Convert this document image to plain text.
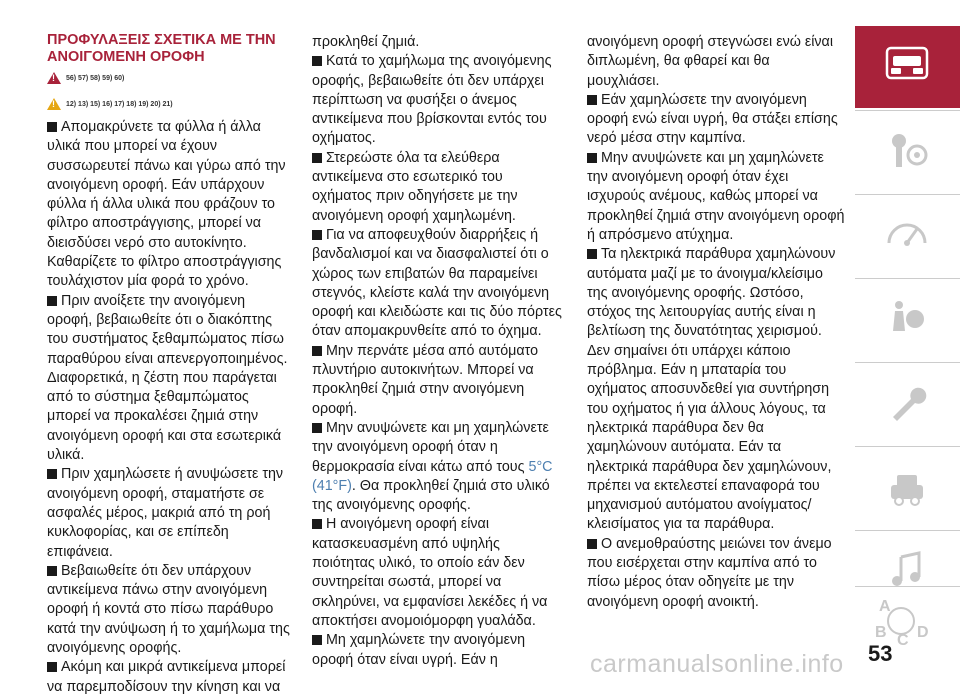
ΠΡΟΦΥΛΑΞΕΙΣ ΣΧΕΤΙΚΑ ΜΕ ΤΗΝ ΑΝΟΙΓΟΜΕΝΗ ΟΡΟΦΗ
!
56) 57) 58) 59) 60)
!
12) 13) 15) 16) 17) 18) 19) 20) 21)

Απομακρύνετε τα φύλλα ή άλλα υλικά που μπορεί να έχουν συσσωρευτεί πάνω και γύρω από την ανοιγόμενη οροφή. Εάν υπάρχουν φύλλα ή άλλα υλικά που φράζουν το φίλτρο αποστράγγισης, μπορεί να διεισδύσει νερό στο αυτοκίνητο. Καθαρίζετε το φίλτρο αποστράγγισης τουλάχιστον μία φορά το χρόνο.

Πριν ανοίξετε την ανοιγόμενη οροφή, βεβαιωθείτε ότι ο διακόπτης του συστήματος ξεθαμπώματος πίσω παραθύρου είναι απενεργοποιημένος. Διαφορετικά, η ζέστη που παράγεται από το σύστημα ξεθαμπώματος μπορεί να προκαλέσει ζημιά στην ανοιγόμενη οροφή και στα εσωτερικά υλικά.

Πριν χαμηλώσετε ή ανυψώσετε την ανοιγόμενη οροφή, σταματήστε σε ασφαλές μέρος, μακριά από τη ροή κυκλοφορίας, και σε επίπεδη επιφάνεια.

Βεβαιωθείτε ότι δεν υπάρχουν αντικείμενα πάνω στην ανοιγόμενη οροφή ή κοντά στο πίσω παράθυρο κατά την ανύψωση ή το χαμήλωμα της ανοιγόμενης οροφής.

Ακόμη και μικρά αντικείμενα μπορεί να παρεμποδίσουν την κίνηση και να

προκληθεί ζημιά.

Κατά το χαμήλωμα της ανοιγόμενης οροφής, βεβαιωθείτε ότι δεν υπάρχει περίπτωση να φυσήξει ο άνεμος αντικείμενα που βρίσκονται εντός του οχήματος.

Στερεώστε όλα τα ελεύθερα αντικείμενα στο εσωτερικό του οχήματος πριν οδηγήσετε με την ανοιγόμενη οροφή χαμηλωμένη.

Για να αποφευχθούν διαρρήξεις ή βανδαλισμοί και να διασφαλιστεί ότι ο χώρος των επιβατών θα παραμείνει στεγνός, κλείστε καλά την ανοιγόμενη οροφή και κλειδώστε και τις δύο πόρτες όταν απομακρυνθείτε από το όχημα.

Μην περνάτε μέσα από αυτόματο πλυντήριο αυτοκινήτων. Μπορεί να προκληθεί ζημιά στην ανοιγόμενη οροφή.

Μην ανυψώνετε και μη χαμηλώνετε την ανοιγόμενη οροφή όταν η θερμοκρασία είναι κάτω από τους 5°C (41°F). Θα προκληθεί ζημιά στο υλικό της ανοιγόμενης οροφής.

Η ανοιγόμενη οροφή είναι κατασκευασμένη από υψηλής ποιότητας υλικό, το οποίο εάν δεν συντηρείται σωστά, μπορεί να σκληρύνει, να εμφανίσει λεκέδες ή να αποκτήσει ανομοιόμορφη γυαλάδα.

Μη χαμηλώνετε την ανοιγόμενη οροφή όταν είναι υγρή. Εάν η

ανοιγόμενη οροφή στεγνώσει ενώ είναι διπλωμένη, θα φθαρεί και θα μουχλιάσει.

Εάν χαμηλώσετε την ανοιγόμενη οροφή ενώ είναι υγρή, θα στάξει επίσης νερό μέσα στην καμπίνα.

Μην ανυψώνετε και μη χαμηλώνετε την ανοιγόμενη οροφή όταν έχει ισχυρούς ανέμους, καθώς μπορεί να προκληθεί ζημιά στην ανοιγόμενη οροφή ή απρόσμενο ατύχημα.

Τα ηλεκτρικά παράθυρα χαμηλώνουν αυτόματα μαζί με το άνοιγμα/κλείσιμο της ανοιγόμενης οροφής. Ωστόσο, στόχος της λειτουργίας αυτής είναι η βελτίωση της δυνατότητας χειρισμού. Δεν σημαίνει ότι υπάρχει κάποιο πρόβλημα. Εάν η μπαταρία του οχήματος αποσυνδεθεί για συντήρηση του οχήματος ή για άλλους λόγους, τα ηλεκτρικά παράθυρα δεν θα χαμηλώνουν αυτόματα. Εάν τα ηλεκτρικά παράθυρα δεν χαμηλώνουν, πρέπει να εκτελεστεί επαναφορά του μηχανισμού αυτόματου ανοίγματος/κλεισίματος για τα παράθυρα.

Ο ανεμοθραύστης μειώνει τον άνεμο που εισέρχεται στην καμπίνα από το πίσω μέρος όταν οδηγείτε με την ανοιγόμενη οροφή ανοικτή.	A
B C D
53
carmanualsonline.info
